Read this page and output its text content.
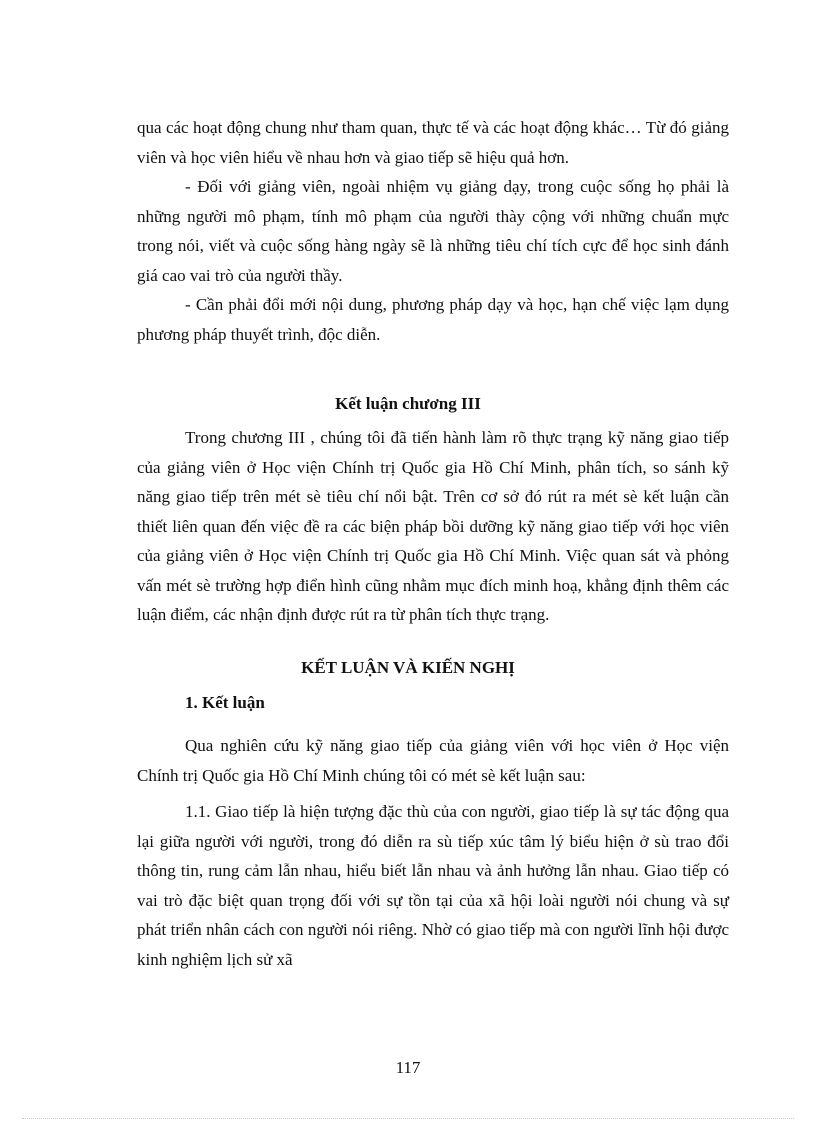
qua các hoạt động chung như tham quan, thực tế và các hoạt động khác… Từ đó giảng viên và học viên hiểu về nhau hơn và giao tiếp sẽ hiệu quả hơn.

- Đối với giảng viên, ngoài nhiệm vụ giảng dạy, trong cuộc sống họ phải là những người mô phạm, tính mô phạm của người thày cộng với những chuẩn mực trong nói, viết và cuộc sống hàng ngày sẽ là những tiêu chí tích cực để học sinh đánh giá cao vai trò của người thầy.

- Cần phải đổi mới nội dung, phương pháp dạy và học, hạn chế việc lạm dụng phương pháp thuyết trình, độc diễn.

Kết luận chương III

Trong chương III , chúng tôi đã tiến hành làm rõ thực trạng kỹ năng giao tiếp của giảng viên ở Học viện Chính trị Quốc gia Hồ Chí Minh, phân tích, so sánh kỹ năng giao tiếp trên mét sè tiêu chí nổi bật. Trên cơ sở đó rút ra mét sè kết luận cần thiết liên quan đến việc đề ra các biện pháp bồi dưỡng kỹ năng giao tiếp với học viên của giảng viên ở Học viện Chính trị Quốc gia Hồ Chí Minh. Việc quan sát và phỏng vấn mét sè trường hợp điển hình cũng nhằm mục đích minh hoạ, khẳng định thêm các luận điểm, các nhận định được rút ra từ phân tích thực trạng.

KẾT LUẬN VÀ KIẾN NGHỊ
1. Kết luận

Qua nghiên cứu kỹ năng giao tiếp của giảng viên với học viên ở Học viện Chính trị Quốc gia Hồ Chí Minh chúng tôi có mét sè kết luận sau:

1.1. Giao tiếp là hiện tượng đặc thù của con người, giao tiếp là sự tác động qua lại giữa người với người, trong đó diễn ra sù tiếp xúc tâm lý biểu hiện ở sù trao đổi thông tin, rung cảm lẫn nhau, hiểu biết lẫn nhau và ảnh hưởng lẫn nhau. Giao tiếp có vai trò đặc biệt quan trọng đối với sự tồn tại của xã hội loài người nói chung và sự phát triển nhân cách con người nói riêng. Nhờ có giao tiếp mà con người lĩnh hội được kinh nghiệm lịch sử xã

117
